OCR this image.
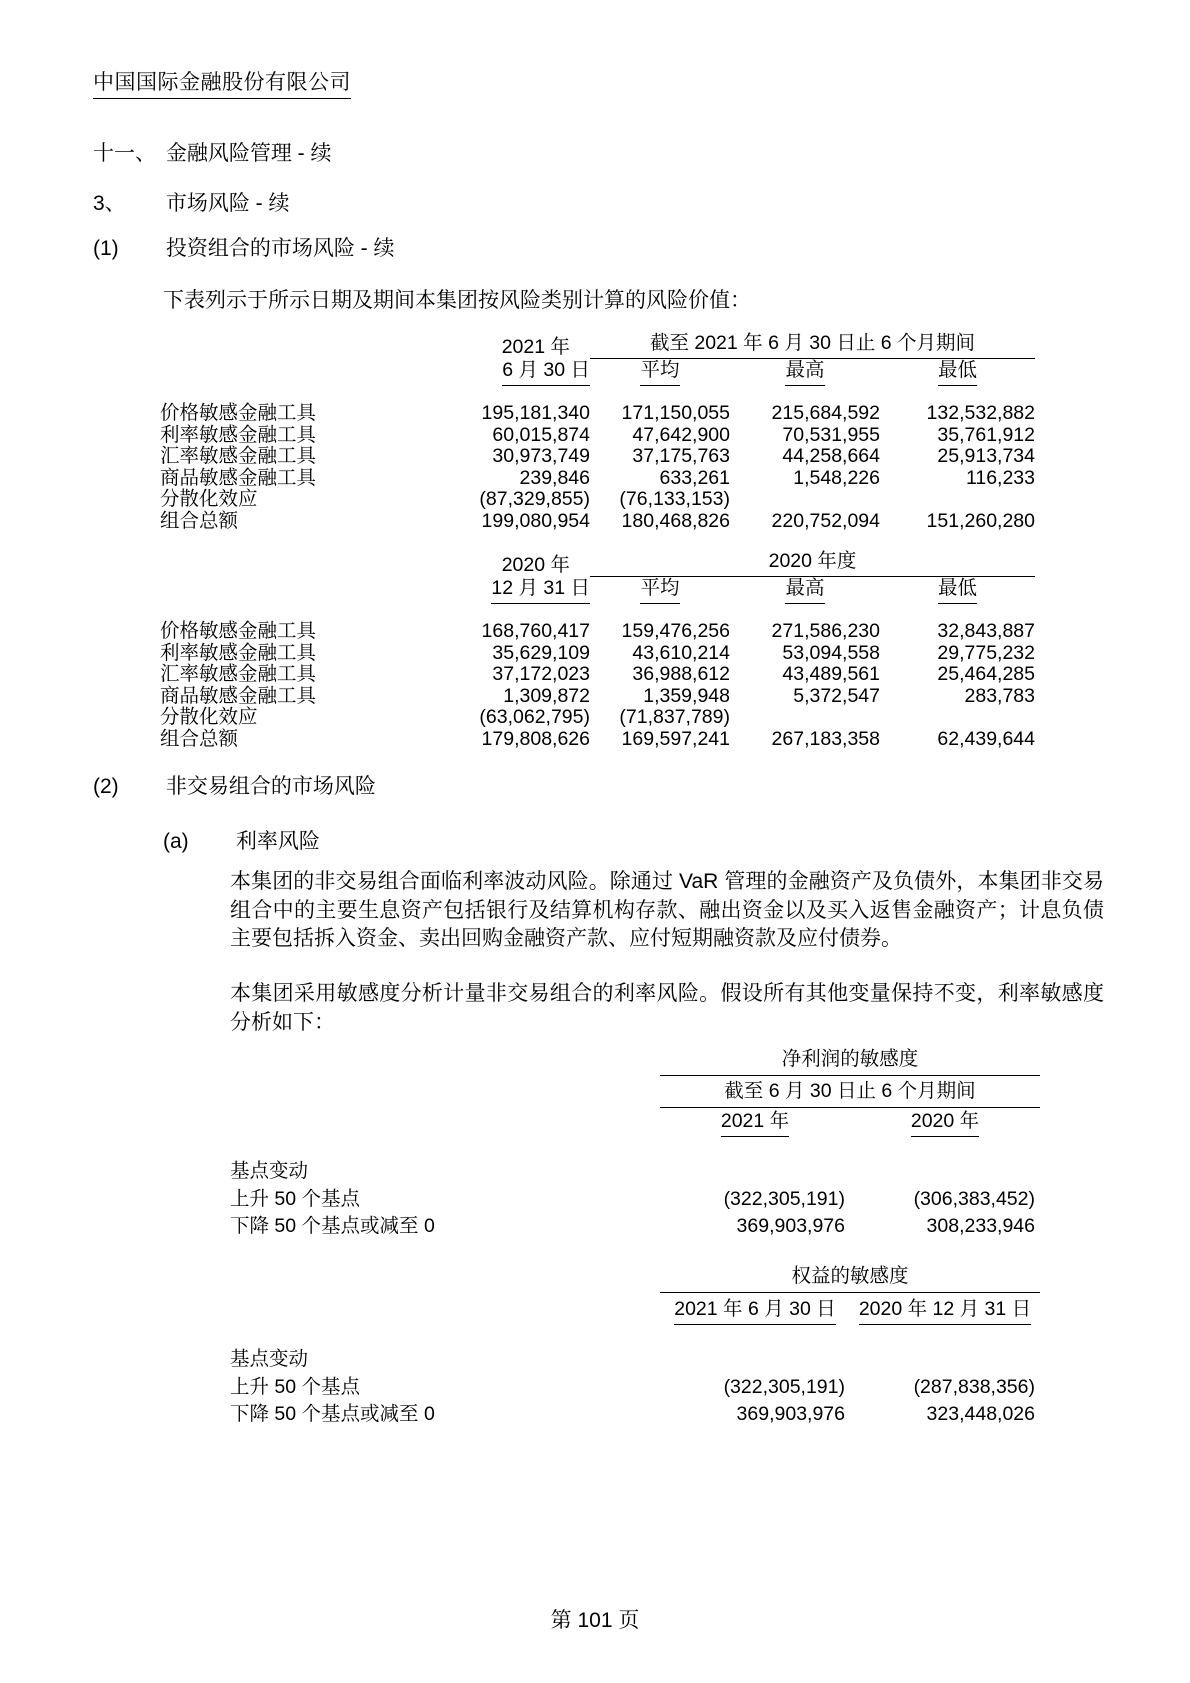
中国国际金融股份有限公司
十一、 金融风险管理 - 续
3、 市场风险 - 续
(1) 投资组合的市场风险 - 续
下表列示于所示日期及期间本集团按风险类别计算的风险价值：
2021 年	截至 2021 年 6 月 30 日止 6 个月期间
6 月 30 日	平均	最高	最低
价格敏感金融工具	195,181,340	171,150,055	215,684,592	132,532,882
利率敏感金融工具	60,015,874	47,642,900	70,531,955	35,761,912
汇率敏感金融工具	30,973,749	37,175,763	44,258,664	25,913,734
商品敏感金融工具	239,846	633,261	1,548,226	116,233
分散化效应	(87,329,855)	(76,133,153)
组合总额	199,080,954	180,468,826	220,752,094	151,260,280
2020 年	2020 年度
12 月 31 日	平均	最高	最低
价格敏感金融工具	168,760,417	159,476,256	271,586,230	32,843,887
利率敏感金融工具	35,629,109	43,610,214	53,094,558	29,775,232
汇率敏感金融工具	37,172,023	36,988,612	43,489,561	25,464,285
商品敏感金融工具	1,309,872	1,359,948	5,372,547	283,783
分散化效应	(63,062,795)	(71,837,789)
组合总额	179,808,626	169,597,241	267,183,358	62,439,644
(2) 非交易组合的市场风险
(a) 利率风险
本集团的非交易组合面临利率波动风险。除通过 VaR 管理的金融资产及负债外，本集团非交易组合中的主要生息资产包括银行及结算机构存款、融出资金以及买入返售金融资产；计息负债主要包括拆入资金、卖出回购金融资产款、应付短期融资款及应付债券。
本集团采用敏感度分析计量非交易组合的利率风险。假设所有其他变量保持不变，利率敏感度分析如下：
净利润的敏感度
截至 6 月 30 日止 6 个月期间
2021 年	2020 年
基点变动
上升 50 个基点	(322,305,191)	(306,383,452)
下降 50 个基点或减至 0	369,903,976	308,233,946
权益的敏感度
2021 年 6 月 30 日	2020 年 12 月 31 日
基点变动
上升 50 个基点	(322,305,191)	(287,838,356)
下降 50 个基点或减至 0	369,903,976	323,448,026
第 101 页
